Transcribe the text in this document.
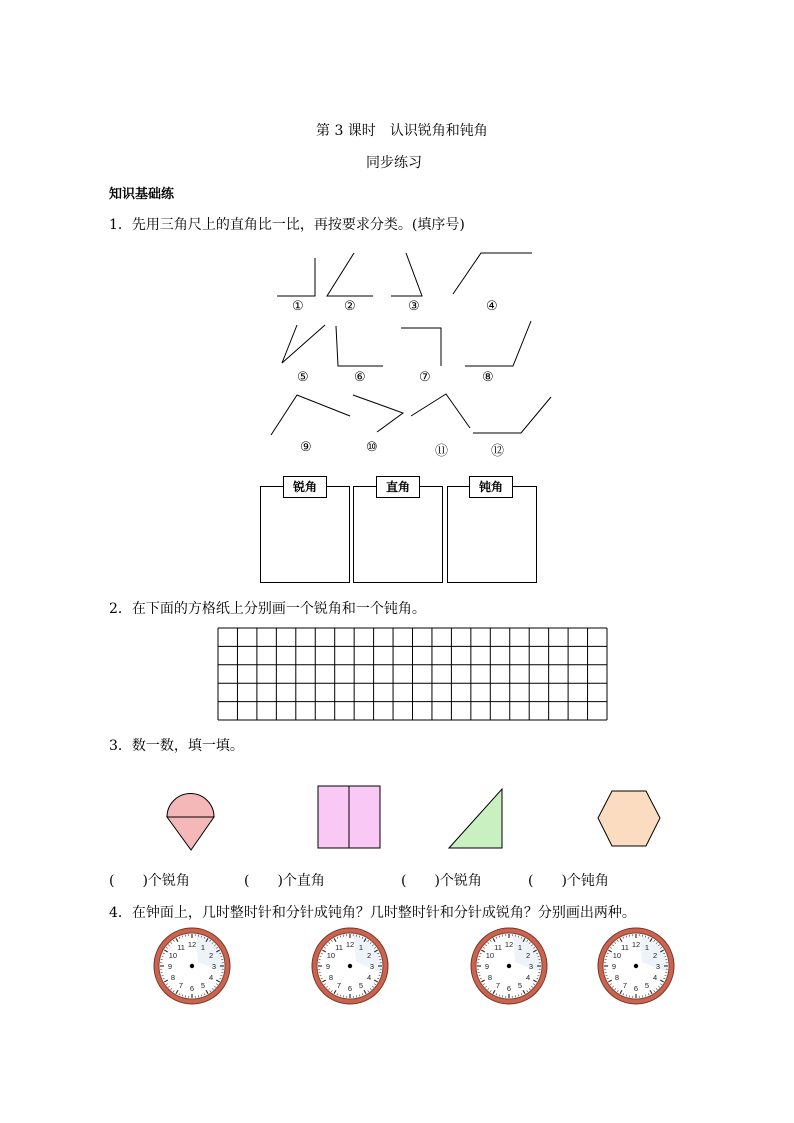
第 3 课时　认识锐角和钝角
同步练习
知识基础练
1．先用三角尺上的直角比一比，再按要求分类。(填序号)
①	②	③	④
⑤	⑥	⑦	⑧
⑨	⑩	⑪	⑫
锐角	直角	钝角
2．在下面的方格纸上分别画一个锐角和一个钝角。
3．数一数，填一填。
(　　)个锐角	(　　)个直角	(　　)个锐角	(　　)个钝角
4．在钟面上，几时整时针和分针成钝角？几时整时针和分针成锐角？分别画出两种。
12 1
2
3
4
5
6
7
8
9
10
11	12 1
2
3
4
5
6
7
8
9
10
11	12 1
2
3
4
5
6
7
8
9
10
11	12 1
2
3
4
5
6
7
8
9
10
11
